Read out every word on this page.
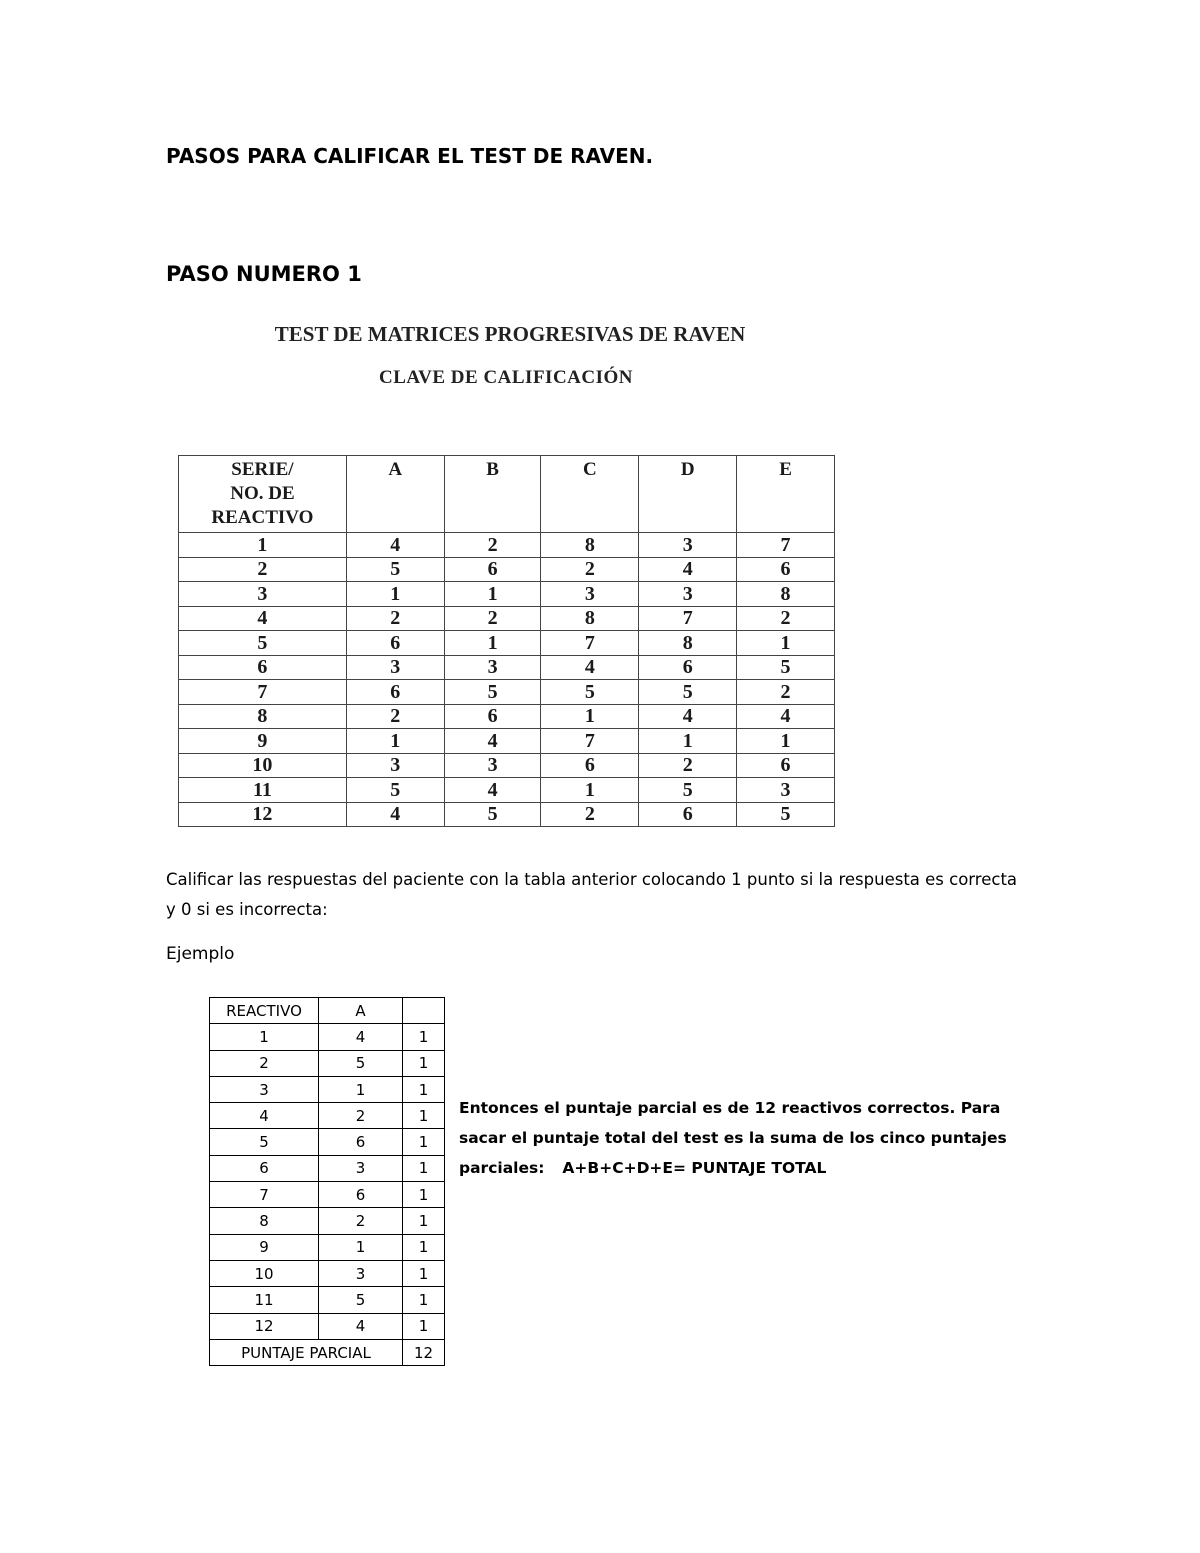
PASOS PARA CALIFICAR EL TEST DE RAVEN.
PASO NUMERO 1
TEST DE MATRICES PROGRESIVAS DE RAVEN
CLAVE DE CALIFICACIÓN
SERIE/
NO. DE
REACTIVO	A	B	C	D	E
1	4	2	8	3	7
2	5	6	2	4	6
3	1	1	3	3	8
4	2	2	8	7	2
5	6	1	7	8	1
6	3	3	4	6	5
7	6	5	5	5	2
8	2	6	1	4	4
9	1	4	7	1	1
10	3	3	6	2	6
11	5	4	1	5	3
12	4	5	2	6	5
Calificar las respuestas del paciente con la tabla anterior colocando 1 punto si la respuesta es correcta y 0 si es incorrecta:
Ejemplo
REACTIVO	A	
1	4	1
2	5	1
3	1	1
4	2	1
5	6	1
6	3	1
7	6	1
8	2	1
9	1	1
10	3	1
11	5	1
12	4	1
PUNTAJE PARCIAL		12
Entonces el puntaje parcial es de 12 reactivos correctos. Para sacar el puntaje total del test es la suma de los cinco puntajes parciales: A+B+C+D+E= PUNTAJE TOTAL
